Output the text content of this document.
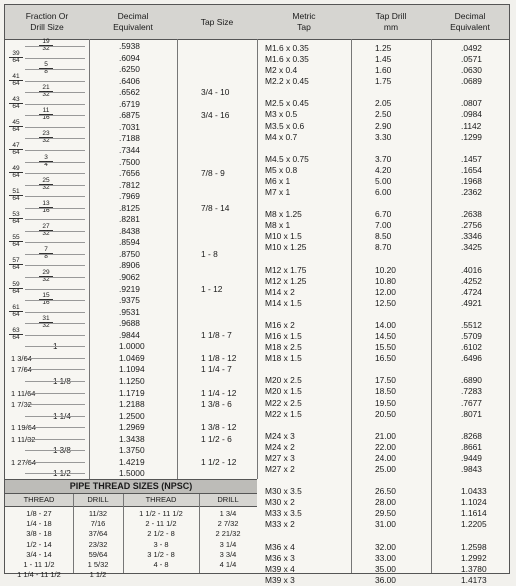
Fraction Or
Drill Size
Decimal
Equivalent
Tap Size
Metric
Tap
Tap Drill
mm
Decimal
Equivalent
$\frac{19}{32}$	.5938
$\frac{39}{64}$	.6094
$\frac{5}{8}$	.6250
$\frac{41}{64}$	.6406
$\frac{21}{32}$	.6562	3/4 - 10
$\frac{43}{64}$	.6719
$\frac{11}{16}$	.6875	3/4 - 16
$\frac{45}{64}$	.7031
$\frac{23}{32}$	.7188
$\frac{47}{64}$	.7344
$\frac{3}{4}$	.7500
$\frac{49}{64}$	.7656	7/8 - 9
$\frac{25}{32}$	.7812
$\frac{51}{64}$	.7969
$\frac{13}{16}$	.8125	7/8 - 14
$\frac{53}{64}$	.8281
$\frac{27}{32}$	.8438
$\frac{55}{64}$	.8594
$\frac{7}{8}$	.8750	1 - 8
$\frac{57}{64}$	.8906
$\frac{29}{32}$	.9062
$\frac{59}{64}$	.9219	1 - 12
$\frac{15}{16}$	.9375
$\frac{61}{64}$	.9531
$\frac{31}{32}$	.9688
$\frac{63}{64}$	.9844	1 1/8 - 7
1	1.0000
1 3/64	1.0469	1 1/8 - 12
1 7/64	1.1094	1 1/4 - 7
1 1/8	1.1250
1 11/64	1.1719	1 1/4 - 12
1 7/32	1.2188	1 3/8 - 6
1 1/4	1.2500
1 19/64	1.2969	1 3/8 - 12
1 11/32	1.3438	1 1/2 - 6
1 3/8	1.3750
1 27/64	1.4219	1 1/2 - 12
1 1/2	1.5000
M1.6 x 0.35	1.25	.0492
M1.6 x 0.35	1.45	.0571
M2 x 0.4	1.60	.0630
M2.2 x 0.45	1.75	.0689
M2.5 x 0.45	2.05	.0807
M3 x 0.5	2.50	.0984
M3.5 x 0.6	2.90	.1142
M4 x 0.7	3.30	.1299
M4.5 x 0.75	3.70	.1457
M5 x 0.8	4.20	.1654
M6 x 1	5.00	.1968
M7 x 1	6.00	.2362
M8 x 1.25	6.70	.2638
M8 x 1	7.00	.2756
M10 x 1.5	8.50	.3346
M10 x 1.25	8.70	.3425
M12 x 1.75	10.20	.4016
M12 x 1.25	10.80	.4252
M14 x 2	12.00	.4724
M14 x 1.5	12.50	.4921
M16 x 2	14.00	.5512
M16 x 1.5	14.50	.5709
M18 x 2.5	15.50	.6102
M18 x 1.5	16.50	.6496
M20 x 2.5	17.50	.6890
M20 x 1.5	18.50	.7283
M22 x 2.5	19.50	.7677
M22 x 1.5	20.50	.8071
M24 x 3	21.00	.8268
M24 x 2	22.00	.8661
M27 x 3	24.00	.9449
M27 x 2	25.00	.9843
M30 x 3.5	26.50	1.0433
M30 x 2	28.00	1.1024
M33 x 3.5	29.50	1.1614
M33 x 2	31.00	1.2205
M36 x 4	32.00	1.2598
M36 x 3	33.00	1.2992
M39 x 4	35.00	1.3780
M39 x 3	36.00	1.4173
PIPE THREAD SIZES (NPSC)
THREAD	DRILL	THREAD	DRILL
1/8 - 27	11/32	1 1/2 - 11 1/2	1 3/4
1/4 - 18	7/16	2 - 11 1/2	2 7/32
3/8 - 18	37/64	2 1/2 - 8	2 21/32
1/2 - 14	23/32	3 - 8	3 1/4
3/4 - 14	59/64	3 1/2 - 8	3 3/4
1 - 11 1/2	1 5/32	4 - 8	4 1/4
1 1/4 - 11 1/2	1 1/2
